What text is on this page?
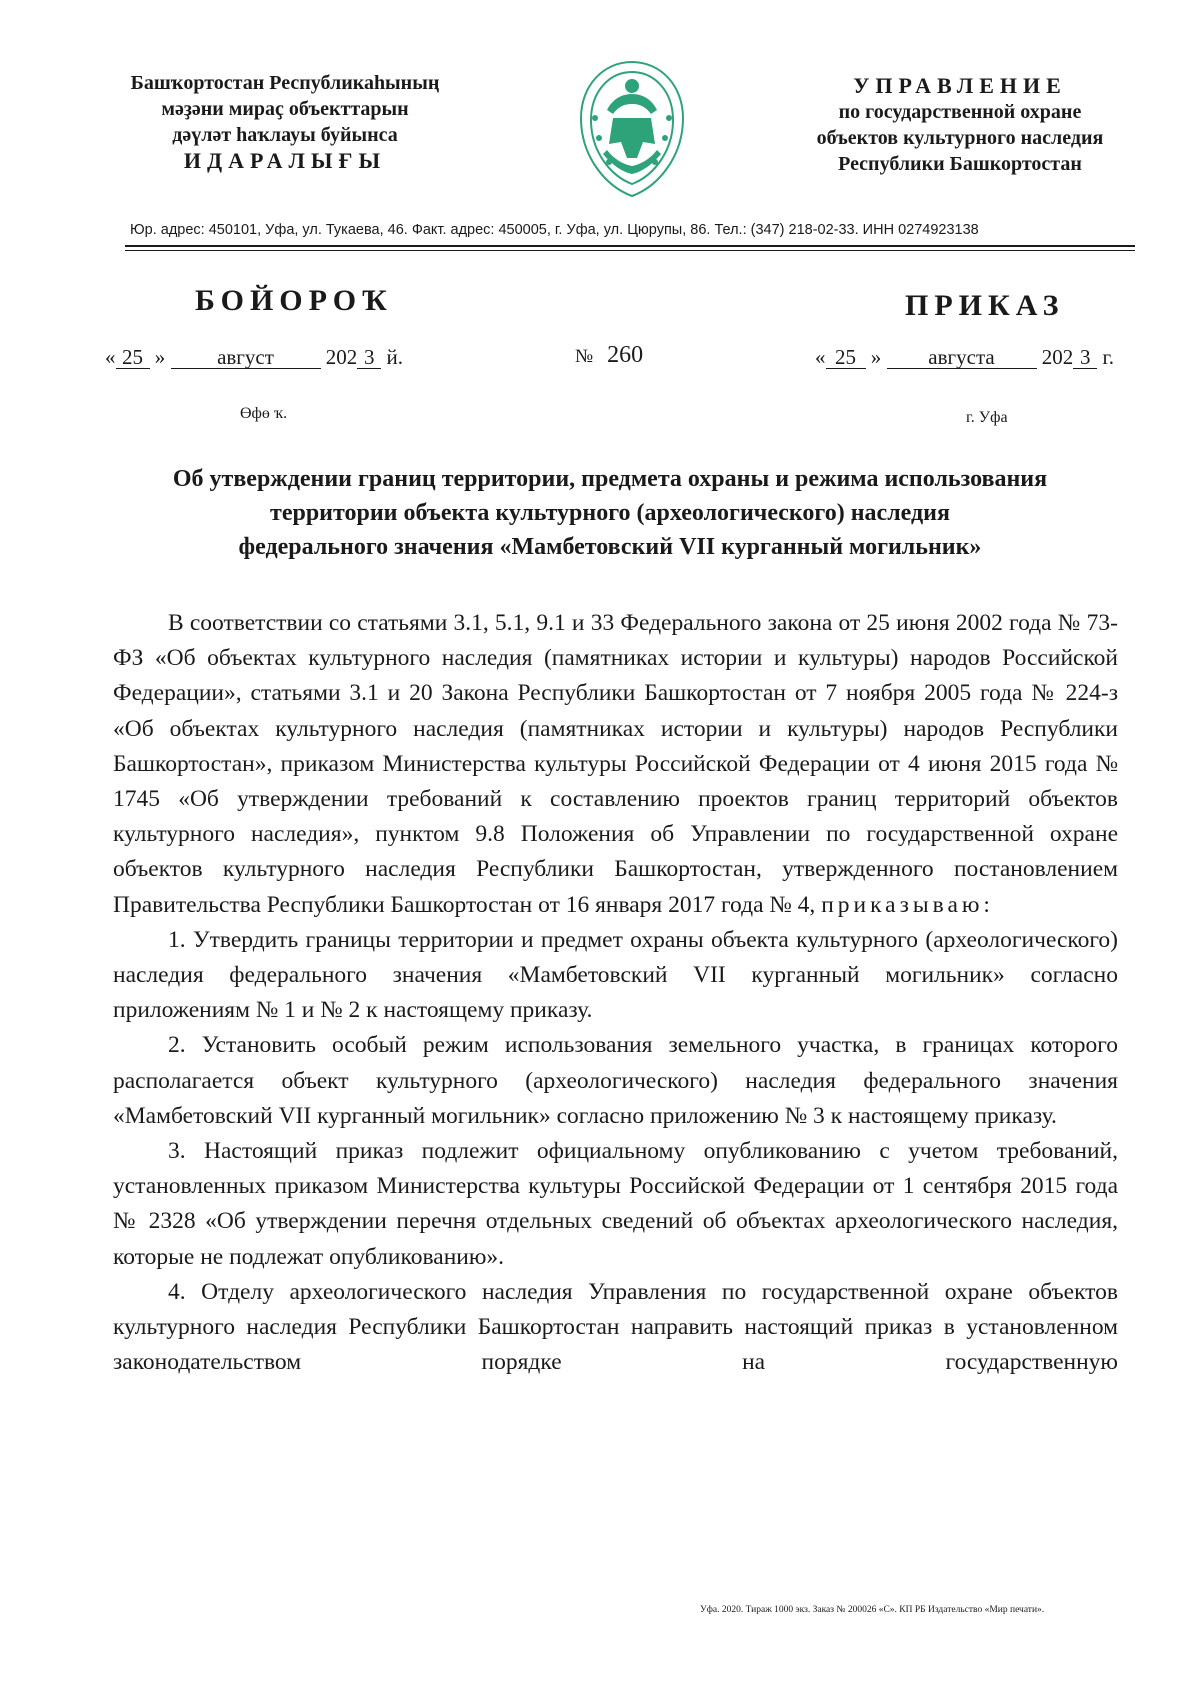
Башҡортостан Республикаһының
мәҙәни мираҫ объекттарын
дәүләт һаҡлауы буйынса
ИДАРАЛЫҒЫ
УПРАВЛЕНИЕ
по государственной охране
объектов культурного наследия
Республики Башкортостан
Юр. адрес: 450101, Уфа, ул. Тукаева, 46. Факт. адрес: 450005, г. Уфа, ул. Цюрупы, 86. Тел.: (347) 218-02-33. ИНН 0274923138
БОЙОРОҠ	ПРИКАЗ
« 25 » август 202 3 й.	№ 260	« 25 » августа 202 3 г.
Өфө ҡ.	г. Уфа
Об утверждении границ территории, предмета охраны и режима использования
территории объекта культурного (археологического) наследия
федерального значения «Мамбетовский VII курганный могильник»

В соответствии со статьями 3.1, 5.1, 9.1 и 33 Федерального закона от 25 июня 2002 года № 73-ФЗ «Об объектах культурного наследия (памятниках истории и культуры) народов Российской Федерации», статьями 3.1 и 20 Закона Республики Башкортостан от 7 ноября 2005 года № 224-з «Об объектах культурного наследия (памятниках истории и культуры) народов Республики Башкортостан», приказом Министерства культуры Российской Федерации от 4 июня 2015 года № 1745 «Об утверждении требований к составлению проектов границ территорий объектов культурного наследия», пунктом 9.8 Положения об Управлении по государственной охране объектов культурного наследия Республики Башкортостан, утвержденного постановлением Правительства Республики Башкортостан от 16 января 2017 года № 4, приказываю:

1. Утвердить границы территории и предмет охраны объекта культурного (археологического) наследия федерального значения «Мамбетовский VII курганный могильник» согласно приложениям № 1 и № 2 к настоящему приказу.

2. Установить особый режим использования земельного участка, в границах которого располагается объект культурного (археологического) наследия федерального значения «Мамбетовский VII курганный могильник» согласно приложению № 3 к настоящему приказу.

3. Настоящий приказ подлежит официальному опубликованию с учетом требований, установленных приказом Министерства культуры Российской Федерации от 1 сентября 2015 года № 2328 «Об утверждении перечня отдельных сведений об объектах археологического наследия, которые не подлежат опубликованию».

4. Отделу археологического наследия Управления по государственной охране объектов культурного наследия Республики Башкортостан направить настоящий приказ в установленном законодательством порядке на государственную

Уфа. 2020. Тираж 1000 экз. Заказ № 200026 «С». КП РБ Издательство «Мир печати».
